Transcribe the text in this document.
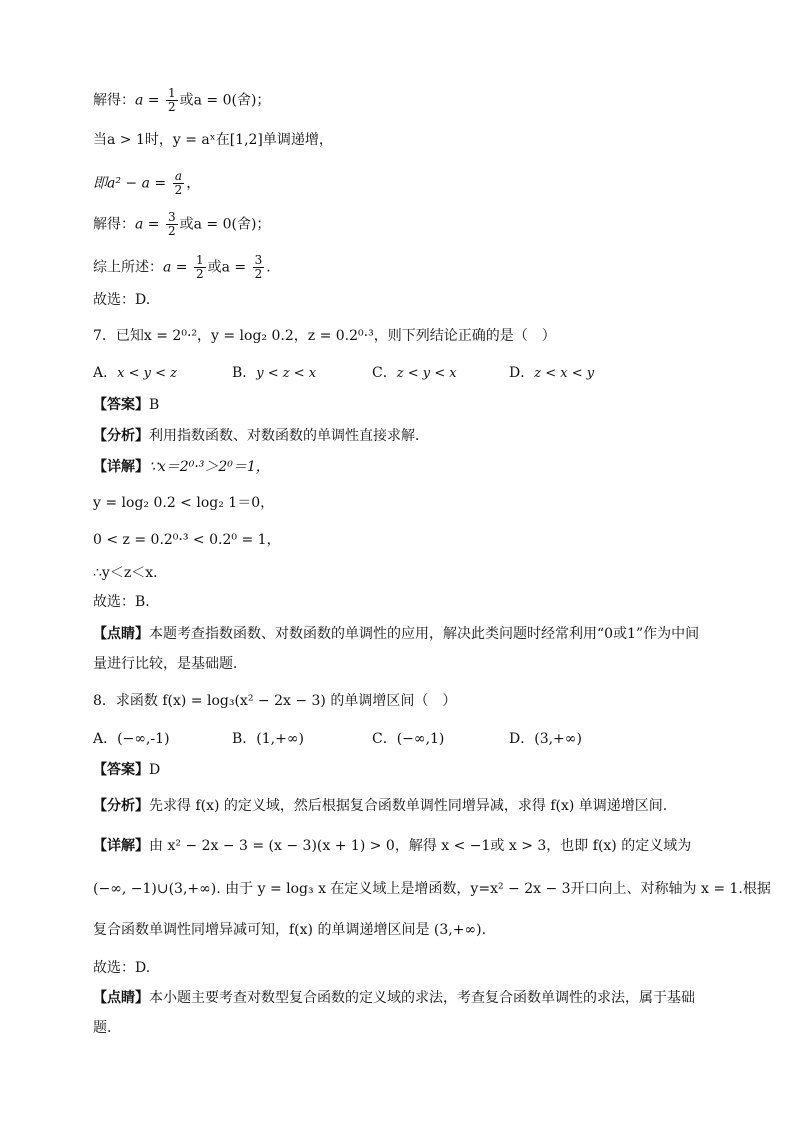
解得：$a = \frac{1}{2}$ 或a = 0(舍)；
当a > 1时，y = aˣ在[1,2]单调递增，
即$a^2 - a = \frac{a}{2}$ ，
解得：$a = \frac{3}{2}$ 或a = 0(舍)；
综上所述：$a = \frac{1}{2}$ 或$a = \frac{3}{2}$ .
故选：D.
7．已知x = 2⁰·²，y = log₂ 0.2，z = 0.2⁰·³，则下列结论正确的是（　）
A．x < y < z	B．y < z < x	C．z < y < x	D．z < x < y
【答案】B
【分析】利用指数函数、对数函数的单调性直接求解．
【详解】∵x＝2⁰·³＞2⁰＝1，
y = log₂ 0.2 < log₂ 1＝0，
0 < z = 0.2⁰·³ < 0.2⁰ = 1，
∴y＜z＜x．
故选：B．
【点睛】本题考查指数函数、对数函数的单调性的应用，解决此类问题时经常利用“0或1”作为中间
量进行比较，是基础题．
8．求函数 f(x) = log₃(x² − 2x − 3) 的单调增区间（　）
A．(−∞,-1)	B．(1,+∞)	C．(−∞,1)	D．(3,+∞)
【答案】D
【分析】先求得 f(x) 的定义域，然后根据复合函数单调性同增异减，求得 f(x) 单调递增区间.
【详解】由 x² − 2x − 3 = (x − 3)(x + 1) > 0，解得 x < −1或 x > 3，也即 f(x) 的定义域为
(−∞, −1)∪(3,+∞). 由于 y = log₃ x 在定义域上是增函数，y=x² − 2x − 3开口向上、对称轴为 x = 1.根据
复合函数单调性同增异减可知，f(x) 的单调递增区间是 (3,+∞).
故选：D.
【点睛】本小题主要考查对数型复合函数的定义域的求法，考查复合函数单调性的求法，属于基础
题.
